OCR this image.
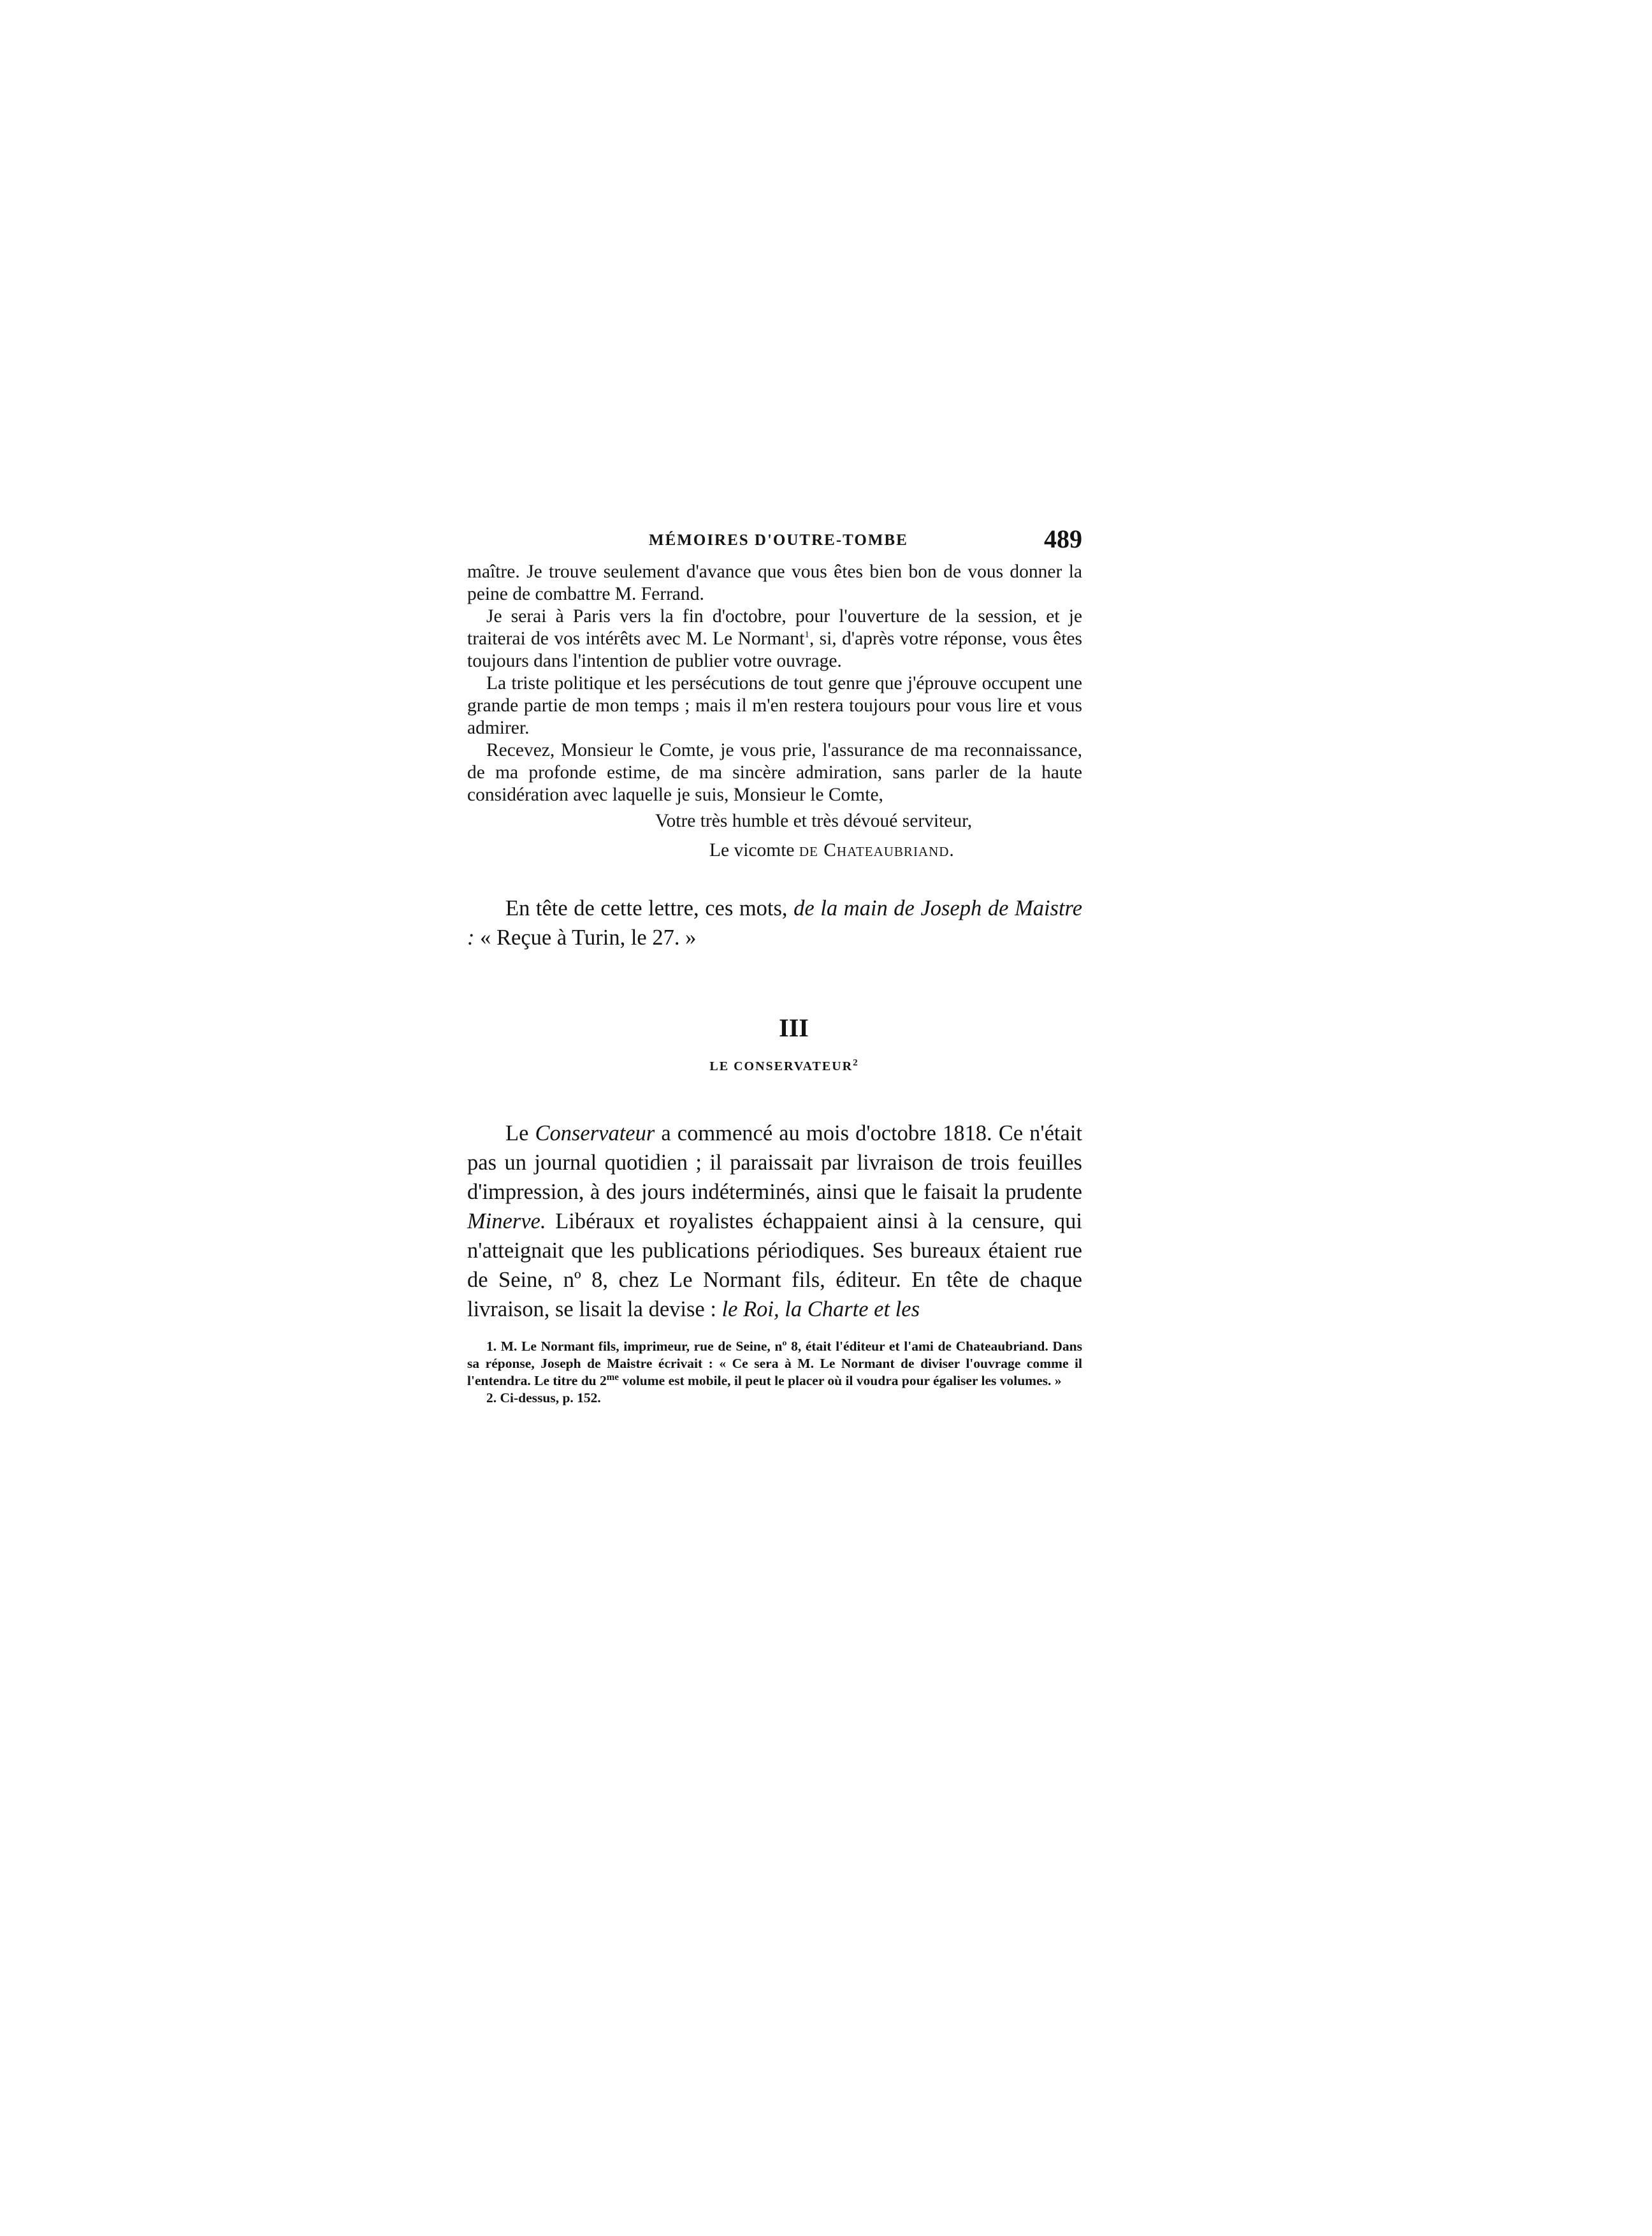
MÉMOIRES D'OUTRE-TOMBE	489

maître. Je trouve seulement d'avance que vous êtes bien bon de vous donner la peine de combattre M. Ferrand.

Je serai à Paris vers la fin d'octobre, pour l'ouverture de la session, et je traiterai de vos intérêts avec M. Le Normant$^1$, si, d'après votre réponse, vous êtes toujours dans l'intention de publier votre ouvrage.

La triste politique et les persécutions de tout genre que j'éprouve occupent une grande partie de mon temps ; mais il m'en restera toujours pour vous lire et vous admirer.

Recevez, Monsieur le Comte, je vous prie, l'assurance de ma reconnaissance, de ma profonde estime, de ma sincère admiration, sans parler de la haute considération avec laquelle je suis, Monsieur le Comte,

Votre très humble et très dévoué serviteur,
Le vicomte de Chateaubriand.

En tête de cette lettre, ces mots, de la main de Joseph de Maistre : « Reçue à Turin, le 27. »

III
LE CONSERVATEUR$^2$

Le Conservateur a commencé au mois d'octobre 1818. Ce n'était pas un journal quotidien ; il paraissait par livraison de trois feuilles d'impression, à des jours indéterminés, ainsi que le faisait la prudente Minerve. Libéraux et royalistes échappaient ainsi à la censure, qui n'atteignait que les publications périodiques. Ses bureaux étaient rue de Seine, nº 8, chez Le Normant fils, éditeur. En tête de chaque livraison, se lisait la devise : le Roi, la Charte et les

1. M. Le Normant fils, imprimeur, rue de Seine, nº 8, était l'éditeur et l'ami de Chateaubriand. Dans sa réponse, Joseph de Maistre écrivait : « Ce sera à M. Le Normant de diviser l'ouvrage comme il l'entendra. Le titre du $2^{me}$ volume est mobile, il peut le placer où il voudra pour égaliser les volumes. »

2. Ci-dessus, p. 152.
